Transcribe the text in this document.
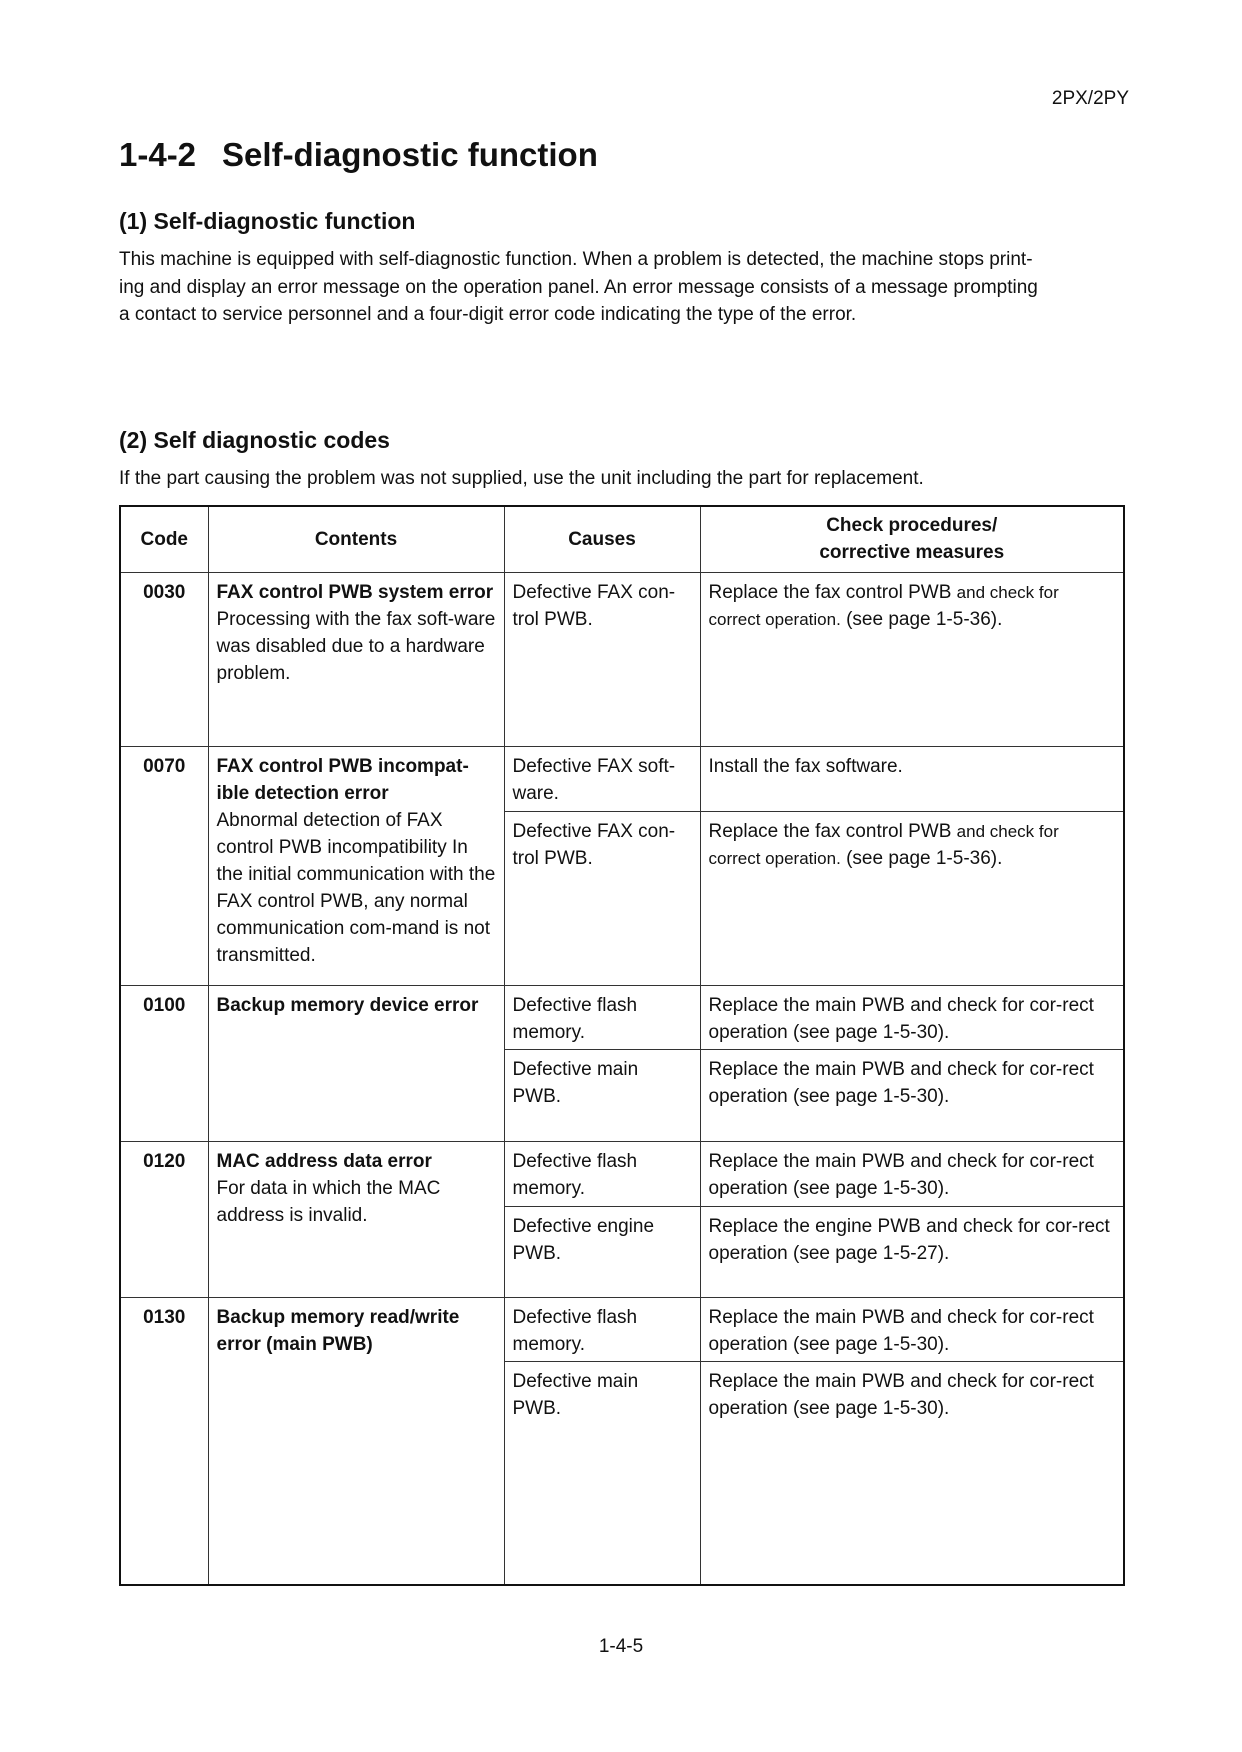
2PX/2PY
1-4-2 Self-diagnostic function
(1) Self-diagnostic function

This machine is equipped with self-diagnostic function. When a problem is detected, the machine stops print-
ing and display an error message on the operation panel. An error message consists of a message prompting
a contact to service personnel and a four-digit error code indicating the type of the error.

(2) Self diagnostic codes

If the part causing the problem was not supplied, use the unit including the part for replacement.

Code	Contents	Causes	Check procedures/
corrective measures
0030	FAX control PWB system error
Processing with the fax soft-ware was disabled due to a hardware problem.	Defective FAX con-trol PWB.	Replace the fax control PWB and check for correct operation. (see page 1-5-36).
0070	FAX control PWB incompat-ible detection error
Abnormal detection of FAX control PWB incompatibility In the initial communication with the FAX control PWB, any normal communication com-mand is not transmitted.	Defective FAX soft-ware.	Install the fax software.
		Defective FAX con-trol PWB.	Replace the fax control PWB and check for correct operation. (see page 1-5-36).
0100	Backup memory device error	Defective flash memory.	Replace the main PWB and check for cor-rect operation (see page 1-5-30).
		Defective main PWB.	Replace the main PWB and check for cor-rect operation (see page 1-5-30).
0120	MAC address data error
For data in which the MAC address is invalid.	Defective flash memory.	Replace the main PWB and check for cor-rect operation (see page 1-5-30).
		Defective engine PWB.	Replace the engine PWB and check for cor-rect operation (see page 1-5-27).
0130	Backup memory read/write error (main PWB)	Defective flash memory.	Replace the main PWB and check for cor-rect operation (see page 1-5-30).
		Defective main PWB.	Replace the main PWB and check for cor-rect operation (see page 1-5-30).
1-4-5
